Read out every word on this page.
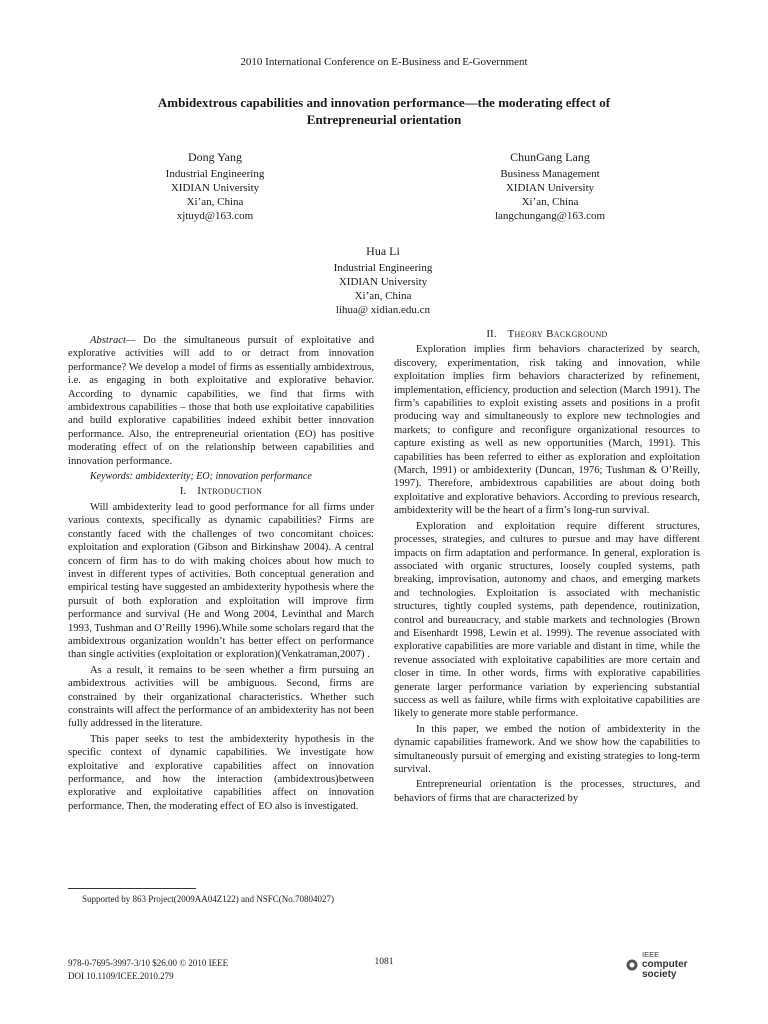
2010 International Conference on E-Business and E-Government
Ambidextrous capabilities and innovation performance—the moderating effect of
Entrepreneurial orientation
Dong Yang
Industrial Engineering
XIDIAN University
Xi’an, China
xjtuyd@163.com
ChunGang Lang
Business Management
XIDIAN University
Xi’an, China
langchungang@163.com
Hua Li
Industrial Engineering
XIDIAN University
Xi’an, China
lihua@ xidian.edu.cn

Abstract— Do the simultaneous pursuit of exploitative and explorative activities will add to or detract from innovation performance? We develop a model of firms as essentially ambidextrous, i.e. as engaging in both exploitative and explorative behavior. According to dynamic capabilities, we find that firms with ambidextrous capabilities – those that both use exploitative capabilities and build explorative capabilities indeed exhibit better innovation performance. Also, the entrepreneurial orientation (EO) has positive moderating effect of on the relationship between capabilities and innovation performance.

Keywords: ambidexterity; EO; innovation performance

I. Introduction

Will ambidexterity lead to good performance for all firms under various contexts, specifically as dynamic capabilities? Firms are constantly faced with the challenges of two concomitant choices: exploitation and exploration (Gibson and Birkinshaw 2004). A central concern of firm has to do with making choices about how much to invest in different types of activities. Both conceptual generation and empirical testing have suggested an ambidexterity hypothesis where the pursuit of both exploration and exploitation will improve firm performance and survival (He and Wong 2004, Levinthal and March 1993, Tushman and O’Reilly 1996).While some scholars regard that the ambidextrous organization wouldn’t has better effect on performance than single activities (exploitation or exploration)(Venkatraman,2007) .

As a result, it remains to be seen whether a firm pursuing an ambidextrous activities will be ambiguous. Second, firms are constrained by their organizational characteristics. Whether such constraints will affect the performance of an ambidexterity has not been fully addressed in the literature.

This paper seeks to test the ambidexterity hypothesis in the specific context of dynamic capabilities. We investigate how exploitative and explorative capabilities affect on innovation performance, and how the interaction (ambidextrous)between explorative and exploitative capabilities affect on innovation performance. Then, the moderating effect of EO also is investigated.

II. Theory Background

Exploration implies firm behaviors characterized by search, discovery, experimentation, risk taking and innovation, while exploitation implies firm behaviors characterized by refinement, implementation, efficiency, production and selection (March 1991). The firm’s capabilities to exploit existing assets and positions in a profit producing way and simultaneously to explore new technologies and markets; to configure and reconfigure organizational resources to capture existing as well as new opportunities (March, 1991). This capabilities has been referred to either as exploration and exploitation (March, 1991) or ambidexterity (Duncan, 1976; Tushman & O’Reilly, 1997). Therefore, ambidextrous capabilities are about doing both exploitative and explorative behaviors. According to previous research, ambidexterity will be the heart of a firm’s long-run survival.

Exploration and exploitation require different structures, processes, strategies, and cultures to pursue and may have different impacts on firm adaptation and performance. In general, exploration is associated with organic structures, loosely coupled systems, path breaking, improvisation, autonomy and chaos, and emerging markets and technologies. Exploitation is associated with mechanistic structures, tightly coupled systems, path dependence, routinization, control and bureaucracy, and stable markets and technologies (Brown and Eisenhardt 1998, Lewin et al. 1999). The revenue associated with explorative capabilities are more variable and distant in time, while the revenue associated with exploitative capabilities are more certain and closer in time. In other words, firms with explorative capabilities generate larger performance variation by experiencing substantial success as well as failure, while firms with exploitative capabilities are likely to generate more stable performance.

In this paper, we embed the notion of ambidexterity in the dynamic capabilities framework. And we show how the capabilities to simultaneously pursuit of emerging and existing strategies to long-term survival.

Entrepreneurial orientation is the processes, structures, and behaviors of firms that are characterized by

Supported by 863 Project(2009AA04Z122) and NSFC(No.70804027)
978-0-7695-3997-3/10 $26.00 © 2010 IEEE
DOI 10.1109/ICEE.2010.279
1081
IEEE
computer
society
